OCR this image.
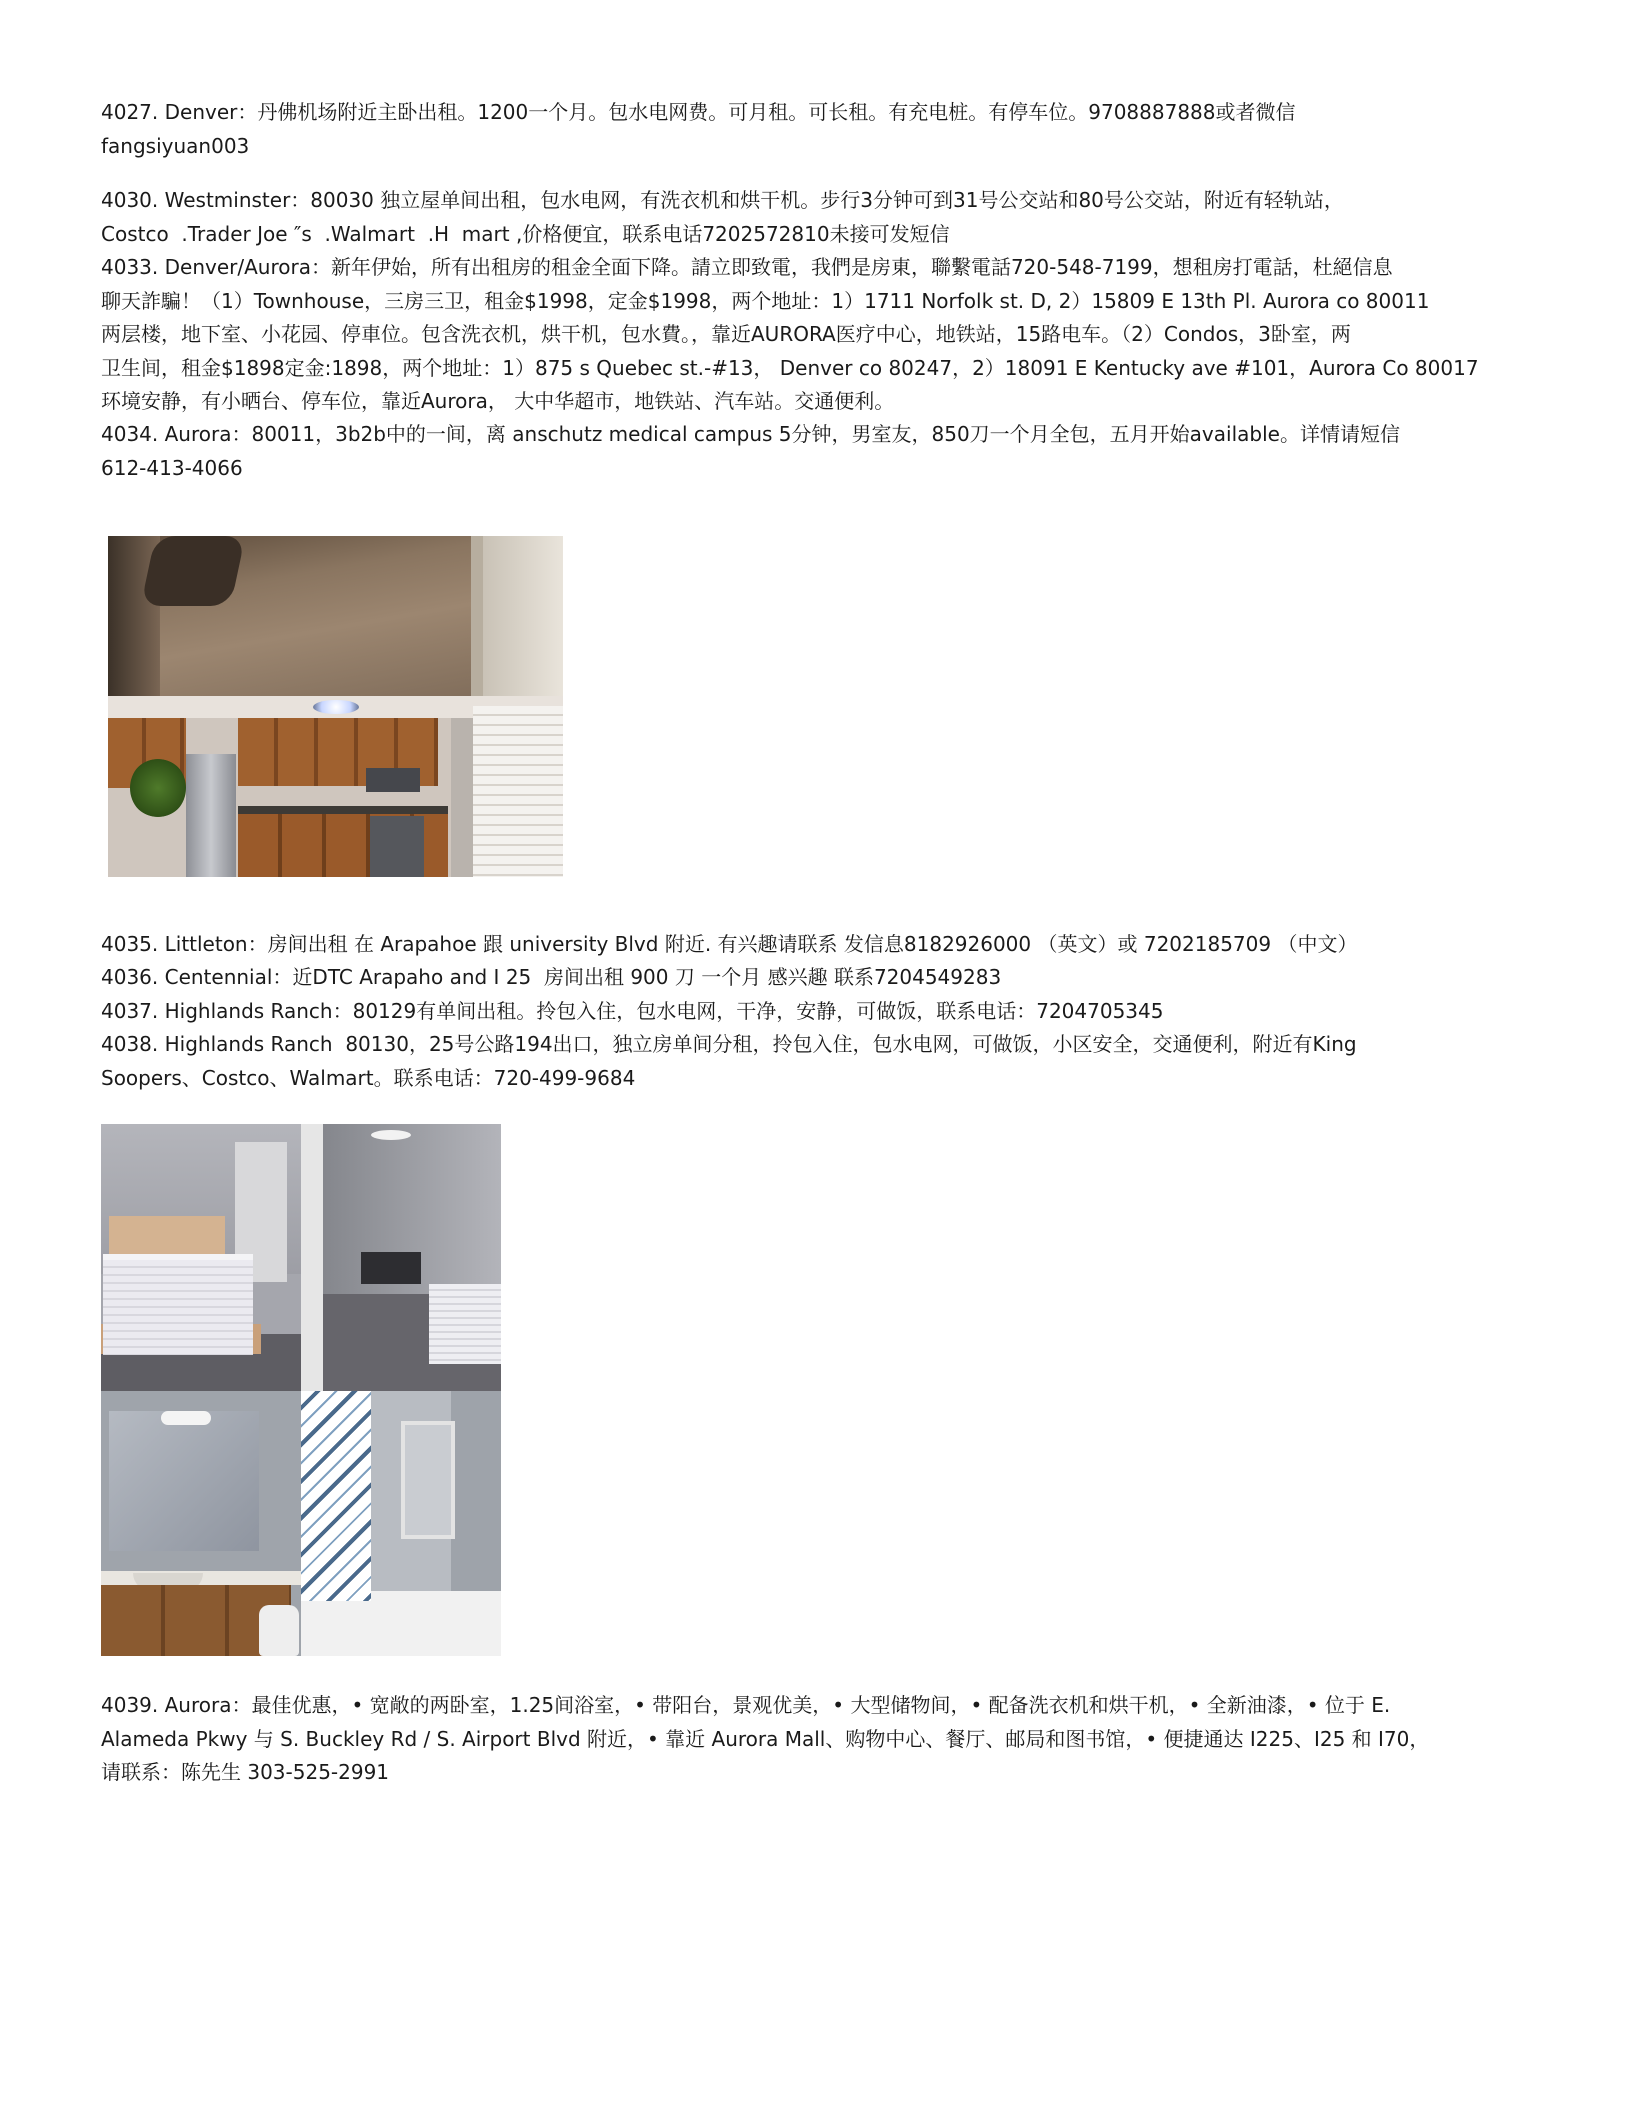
4027. Denver：丹佛机场附近主卧出租。1200一个月。包水电网费。可月租。可长租。有充电桩。有停车位。9708887888或者微信
fangsiyuan003

4030. Westminster：80030 独立屋单间出租，包水电网，有洗衣机和烘干机。步行3分钟可到31号公交站和80号公交站，附近有轻轨站，
Costco  .Trader Joe ″s  .Walmart  .H  mart ,价格便宜，联系电话7202572810未接可发短信

4033. Denver/Aurora：新年伊始，所有出租房的租金全面下降。請立即致電，我們是房東，聯繫電話720-548-7199，想租房打電話，杜絕信息
聊天詐騙！（1）Townhouse，三房三卫，租金$1998，定金$1998，两个地址：1）1711 Norfolk st. D, 2）15809 E 13th Pl. Aurora co 80011
两层楼，地下室、小花园、停車位。包含洗衣机，烘干机，包水費。，靠近AURORA医疗中心，地铁站，15路电车。（2）Condos，3卧室，两
卫生间，租金$1898定金:1898，两个地址：1）875 s Quebec st.-#13， Denver co 80247，2）18091 E Kentucky ave #101，Aurora Co 80017
环境安静，有小晒台、停车位，靠近Aurora， 大中华超市，地铁站、汽车站。交通便利。

4034. Aurora：80011，3b2b中的一间，离 anschutz medical campus 5分钟，男室友，850刀一个月全包，五月开始available。详情请短信
612-413-4066

4035. Littleton：房间出租 在 Arapahoe 跟 university Blvd 附近. 有兴趣请联系 发信息8182926000 （英文）或 7202185709 （中文）

4036. Centennial：近DTC Arapaho and I 25  房间出租 900 刀 一个月 感兴趣 联系7204549283

4037. Highlands Ranch：80129有单间出租。拎包入住，包水电网，干净，安静，可做饭，联系电话：7204705345

4038. Highlands Ranch  80130，25号公路194出口，独立房单间分租，拎包入住，包水电网，可做饭，小区安全，交通便利，附近有King
Soopers、Costco、Walmart。联系电话：720-499-9684

4039. Aurora：最佳优惠，• 宽敞的两卧室，1.25间浴室，• 带阳台，景观优美，• 大型储物间，• 配备洗衣机和烘干机，• 全新油漆，• 位于 E.
Alameda Pkwy 与 S. Buckley Rd / S. Airport Blvd 附近，• 靠近 Aurora Mall、购物中心、餐厅、邮局和图书馆，• 便捷通达 I225、I25 和 I70，
请联系：陈先生 303-525-2991
